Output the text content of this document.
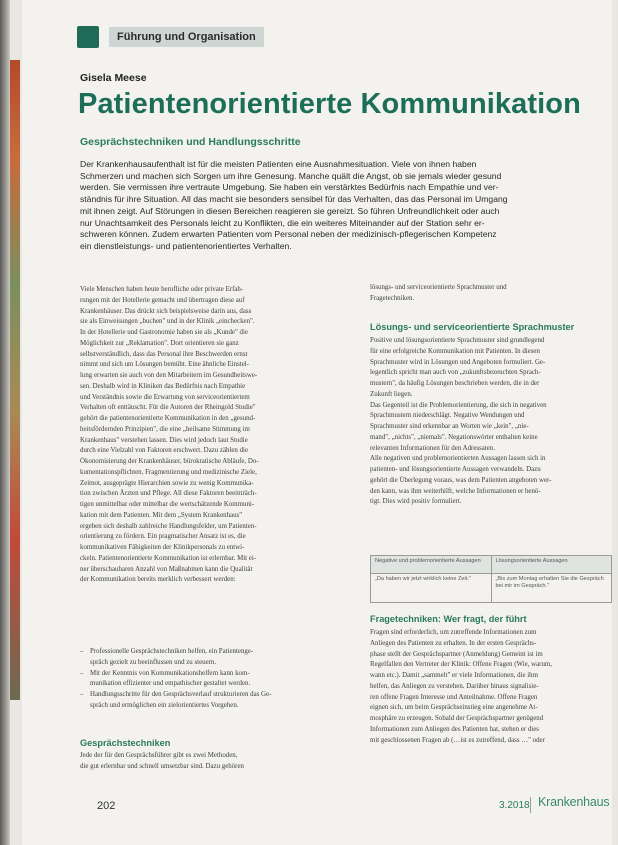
Führung und Organisation
Gisela Meese
Patientenorientierte Kommunikation
Gesprächstechniken und Handlungsschritte
Der Krankenhausaufenthalt ist für die meisten Patienten eine Ausnahmesituation. Viele von ihnen haben
Schmerzen und machen sich Sorgen um ihre Genesung. Manche quält die Angst, ob sie jemals wieder gesund
werden. Sie vermissen ihre vertraute Umgebung. Sie haben ein verstärktes Bedürfnis nach Empathie und ver-
ständnis für ihre Situation. All das macht sie besonders sensibel für das Verhalten, das das Personal im Umgang
mit ihnen zeigt. Auf Störungen in diesen Bereichen reagieren sie gereizt. So führen Unfreundlichkeit oder auch
nur Unachtsamkeit des Personals leicht zu Konflikten, die ein weiteres Miteinander auf der Station sehr er-
schweren können. Zudem erwarten Patienten vom Personal neben der medizinisch-pflegerischen Kompetenz
ein dienstleistungs- und patientenorientiertes Verhalten.
Viele Menschen haben heute berufliche oder private Erfah-
rungen mit der Hotellerie gemacht und übertragen diese auf
Krankenhäuser. Das drückt sich beispielsweise darin aus, dass
sie als Einweisungen „buchen" und in der Klinik „einchecken".
In der Hotellerie und Gastronomie haben sie als „Kunde" die
Möglichkeit zur „Reklamation". Dort orientieren sie ganz
selbstverständlich, dass das Personal ihre Beschwerden ernst
nimmt und sich um Lösungen bemüht. Eine ähnliche Einstel-
lung erwarten sie auch von den Mitarbeitern im Gesundheitswe-
sen. Deshalb wird in Kliniken das Bedürfnis nach Empathie
und Verständnis sowie die Erwartung von serviceorientiertem
Verhalten oft enttäuscht. Für die Autoren der Rheingold Studie"
gehört die patientenorientierte Kommunikation in den „gesund-
heitsfördernden Prinzipien", die eine „heilsame Stimmung im
Krankenhaus" verstehen lassen. Dies wird jedoch laut Studie
durch eine Vielzahl von Faktoren erschwert. Dazu zählen die
Ökonomisierung der Krankenhäuser, bürokratische Abläufe, Do-
kumentationspflichten, Fragmentierung und medizinische Ziele,
Zeitnot, ausgeprägte Hierarchien sowie zu wenig Kommunika-
tion zwischen Ärzten und Pflege. All diese Faktoren beeinträch-
tigen unmittelbar oder mittelbar die wertschätzende Kommuni-
kation mit dem Patienten. Mit dem „System Krankenhaus"
ergeben sich deshalb zahlreiche Handlungsfelder, um Patienten-
orientierung zu fördern. Ein pragmatischer Ansatz ist es, die
kommunikativen Fähigkeiten der Klinikpersonals zu entwi-
ckeln. Patientenorientierte Kommunikation ist erlernbar. Mit ei-
ner überschaubaren Anzahl von Maßnahmen kann die Qualität
der Kommunikation bereits merklich verbessert werden:
– Professionelle Gesprächstechniken helfen, ein Patientenge-
spräch gezielt zu beeinflussen und zu steuern.
– Mit der Kenntnis von Kommunikationshelfern kann kom-
munikation effizienter und empathischer gestaltet werden.
– Handlungsschritte für den Gesprächsverlauf strukturieren das Ge-
spräch und ermöglichen ein zielorientiertes Vorgehen.
Gesprächstechniken
Jede der für den Gesprächsführer gibt es zwei Methoden,
die gut erlernbar und schnell umsetzbar sind. Dazu gehören
lösungs- und serviceorientierte Sprachmuster und
Fragetechniken.
Lösungs- und serviceorientierte Sprachmuster
Positive und lösungsorientierte Sprachmuster sind grundlegend
für eine erfolgreiche Kommunikation mit Patienten. In diesen
Sprachmuster wird in Lösungen und Angeboten formuliert. Ge-
legentlich spricht man auch von „zukunftsbezeuchten Sprach-
mustern", da häufig Lösungen beschrieben werden, die in der
Zukunft liegen.
Das Gegenteil ist die Problemorientierung, die sich in negativen
Sprachmustern niederschlägt. Negative Wendungen und
Sprachmuster sind erkennbar an Worten wie „kein", „nie-
mand", „nichts", „niemals". Negationswörter enthalten keine
relevanten Informationen für den Adressaten.
Alle negativen und problemorientierten Aussagen lassen sich in
patienten- und lösungsorientierte Aussagen verwandeln. Dazu
gehört die Überlegung voraus, was dem Patienten angeboten wer-
den kann, was ihm weiterhilft, welche Informationen er benö-
tigt. Dies wird positiv formuliert.
Negative und problemorientierte Aussagen	Lösungsorientierte Aussagen
„Da haben wir jetzt wirklich keine Zeit."	„Bis zum Montag erhalten Sie die Gespräch bei mir im Gespräch."
Fragetechniken: Wer fragt, der führt
Fragen sind erforderlich, um zutreffende Informationen zum
Anliegen des Patienten zu erhalten. In der ersten Gesprächs-
phase stellt der Gesprächspartner (Anmeldung) Gemeint ist im
Regelfallen den Vertreter der Klinik: Offene Fragen (Wie, warum,
wann etc.). Damit „sammelt" er viele Informationen, die ihm
helfen, das Anliegen zu verstehen. Darüber hinaus signalisie-
ren offene Fragen Interesse und Anteilnahme. Offene Fragen
eignen sich, um beim Gesprächseinstieg eine angenehme At-
mosphäre zu erzeugen. Sobald der Gesprächspartner genügend
Informationen zum Anliegen des Patienten hat, stehen er dies
mit geschlossenen Fragen ab (…ist es zutreffend, dass …" oder
202	3.2018 Krankenhaus
